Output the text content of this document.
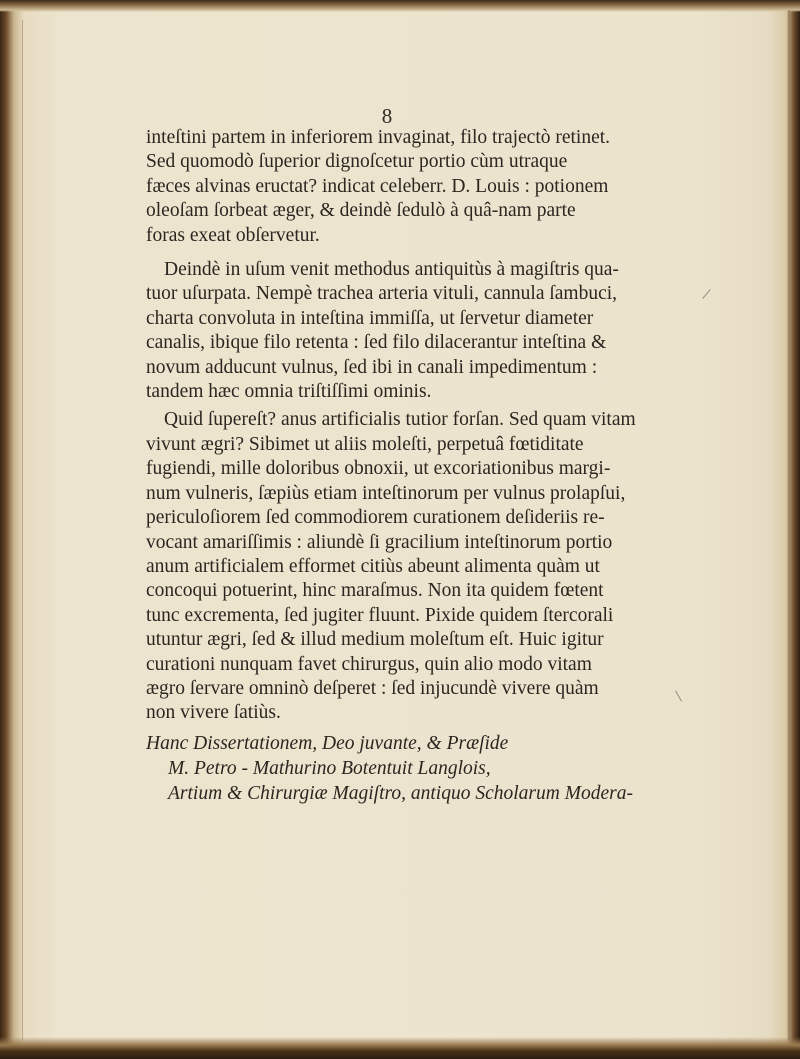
8
inteſtini partem in inferiorem invaginat, filo trajectò retinet.
Sed quomodò ſuperior dignoſcetur portio cùm utraque
fæces alvinas eructat? indicat celeberr. D. Louis : potionem
oleoſam ſorbeat æger, & deindè ſedulò à quâ-nam parte
foras exeat obſervetur.
Deindè in uſum venit methodus antiquitùs à magiſtris qua-
tuor uſurpata. Nempè trachea arteria vituli, cannula ſambuci,
charta convoluta in inteſtina immiſſa, ut ſervetur diameter
canalis, ibique filo retenta : ſed filo dilacerantur inteſtina &
novum adducunt vulnus, ſed ibi in canali impedimentum :
tandem hæc omnia triſtiſſimi ominis.
Quid ſupereſt? anus artificialis tutior forſan. Sed quam vitam
vivunt ægri? Sibimet ut aliis moleſti, perpetuâ fœtiditate
fugiendi, mille doloribus obnoxii, ut excoriationibus margi-
num vulneris, ſæpiùs etiam inteſtinorum per vulnus prolapſui,
periculoſiorem ſed commodiorem curationem deſideriis re-
vocant amariſſimis : aliundè ſi gracilium inteſtinorum portio
anum artificialem efformet citiùs abeunt alimenta quàm ut
concoqui potuerint, hinc maraſmus. Non ita quidem fœtent
tunc excrementa, ſed jugiter fluunt. Pixide quidem ſtercorali
utuntur ægri, ſed & illud medium moleſtum eſt. Huic igitur
curationi nunquam favet chirurgus, quin alio modo vitam
ægro ſervare omninò deſperet : ſed injucundè vivere quàm
non vivere ſatiùs.
Hanc Dissertationem, Deo juvante, & Præſide
M. Petro - Mathurino Botentuit Langlois,
Artium & Chirurgiæ Magiſtro, antiquo Scholarum Modera-
